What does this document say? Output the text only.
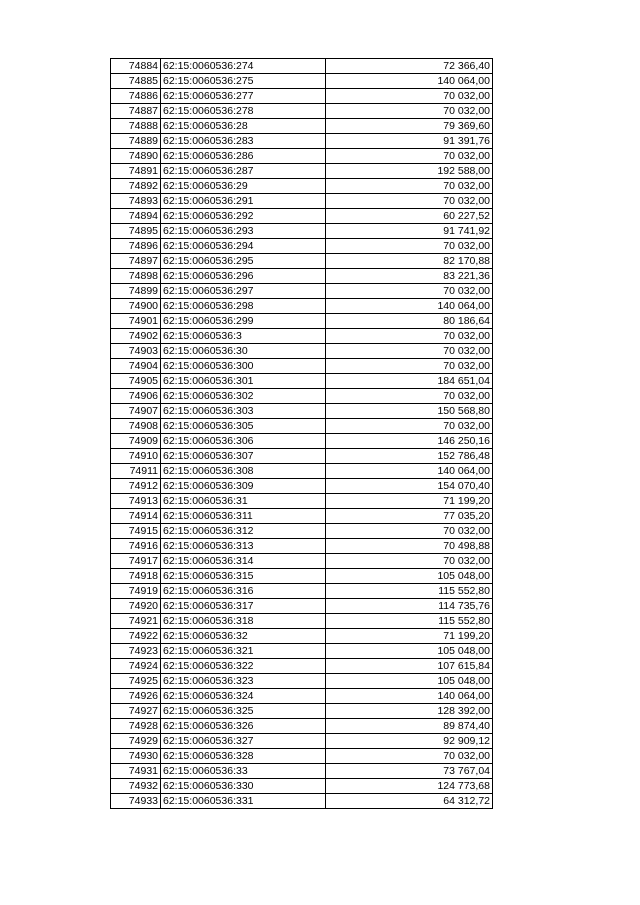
74884	62:15:0060536:274	72 366,40
74885	62:15:0060536:275	140 064,00
74886	62:15:0060536:277	70 032,00
74887	62:15:0060536:278	70 032,00
74888	62:15:0060536:28	79 369,60
74889	62:15:0060536:283	91 391,76
74890	62:15:0060536:286	70 032,00
74891	62:15:0060536:287	192 588,00
74892	62:15:0060536:29	70 032,00
74893	62:15:0060536:291	70 032,00
74894	62:15:0060536:292	60 227,52
74895	62:15:0060536:293	91 741,92
74896	62:15:0060536:294	70 032,00
74897	62:15:0060536:295	82 170,88
74898	62:15:0060536:296	83 221,36
74899	62:15:0060536:297	70 032,00
74900	62:15:0060536:298	140 064,00
74901	62:15:0060536:299	80 186,64
74902	62:15:0060536:3	70 032,00
74903	62:15:0060536:30	70 032,00
74904	62:15:0060536:300	70 032,00
74905	62:15:0060536:301	184 651,04
74906	62:15:0060536:302	70 032,00
74907	62:15:0060536:303	150 568,80
74908	62:15:0060536:305	70 032,00
74909	62:15:0060536:306	146 250,16
74910	62:15:0060536:307	152 786,48
74911	62:15:0060536:308	140 064,00
74912	62:15:0060536:309	154 070,40
74913	62:15:0060536:31	71 199,20
74914	62:15:0060536:311	77 035,20
74915	62:15:0060536:312	70 032,00
74916	62:15:0060536:313	70 498,88
74917	62:15:0060536:314	70 032,00
74918	62:15:0060536:315	105 048,00
74919	62:15:0060536:316	115 552,80
74920	62:15:0060536:317	114 735,76
74921	62:15:0060536:318	115 552,80
74922	62:15:0060536:32	71 199,20
74923	62:15:0060536:321	105 048,00
74924	62:15:0060536:322	107 615,84
74925	62:15:0060536:323	105 048,00
74926	62:15:0060536:324	140 064,00
74927	62:15:0060536:325	128 392,00
74928	62:15:0060536:326	89 874,40
74929	62:15:0060536:327	92 909,12
74930	62:15:0060536:328	70 032,00
74931	62:15:0060536:33	73 767,04
74932	62:15:0060536:330	124 773,68
74933	62:15:0060536:331	64 312,72
